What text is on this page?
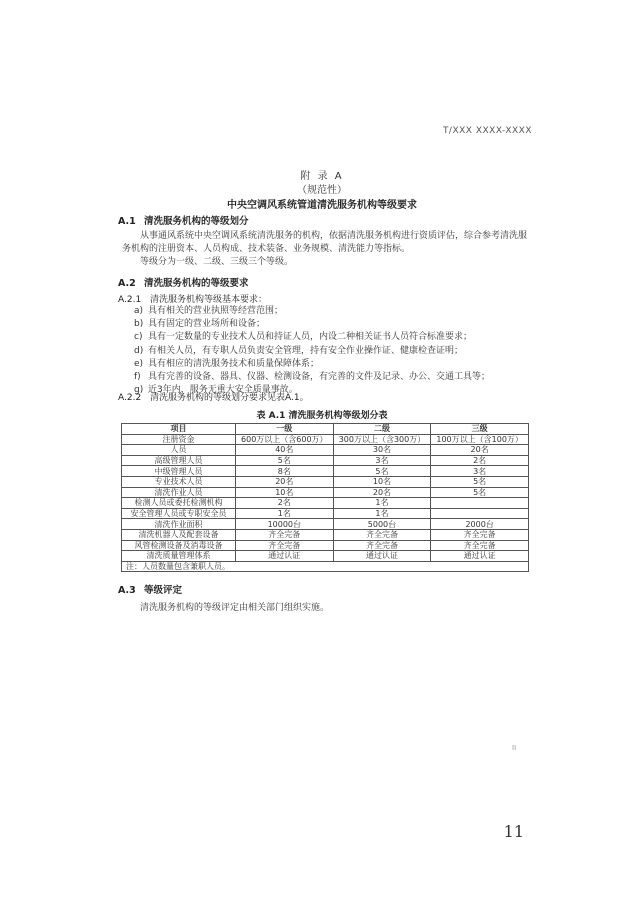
T/XXX XXXX-XXXX
附 录 A
（规范性）
中央空调风系统管道清洗服务机构等级要求
A.1 清洗服务机构的等级划分

从事通风系统中央空调风系统清洗服务的机构，依据清洗服务机构进行资质评估，综合参考清洗服务机构的注册资本、人员构成、技术装备、业务规模、清洗能力等指标。

等级分为一级、二级、三级三个等级。

A.2 清洗服务机构的等级要求
A.2.1 清洗服务机构等级基本要求：
a) 具有相关的营业执照等经营范围；
b) 具有固定的营业场所和设备；
c) 具有一定数量的专业技术人员和持证人员，内设二种相关证书人员符合标准要求；
d) 有相关人员，有专职人员负责安全管理，持有安全作业操作证、健康检查证明；
e) 具有相应的清洗服务技术和质量保障体系；
f) 具有完善的设备、器具、仪器、检测设备，有完善的文件及记录、办公、交通工具等；
g) 近3年内，服务无重大安全质量事故。
A.2.2 清洗服务机构的等级划分要求见表A.1。
表 A.1 清洗服务机构等级划分表
项目	一级	二级	三级
注册资金	600万以上（含600万）	300万以上（含300万）	100万以上（含100万）
人员	40名	30名	20名
高级管理人员	5名	3名	2名
中级管理人员	8名	5名	3名
专业技术人员	20名	10名	5名
清洗作业人员	10名	20名	5名
检测人员或委托检测机构	2名	1名	
安全管理人员或专职安全员	1名	1名	
清洗作业面积	10000台	5000台	2000台
清洗机器人及配套设备	齐全完备	齐全完备	齐全完备
风管检测设备及消毒设备	齐全完备	齐全完备	齐全完备
清洗质量管理体系	通过认证	通过认证	通过认证
注：人员数量包含兼职人员。			
A.3 等级评定
清洗服务机构的等级评定由相关部门组织实施。
II
11
